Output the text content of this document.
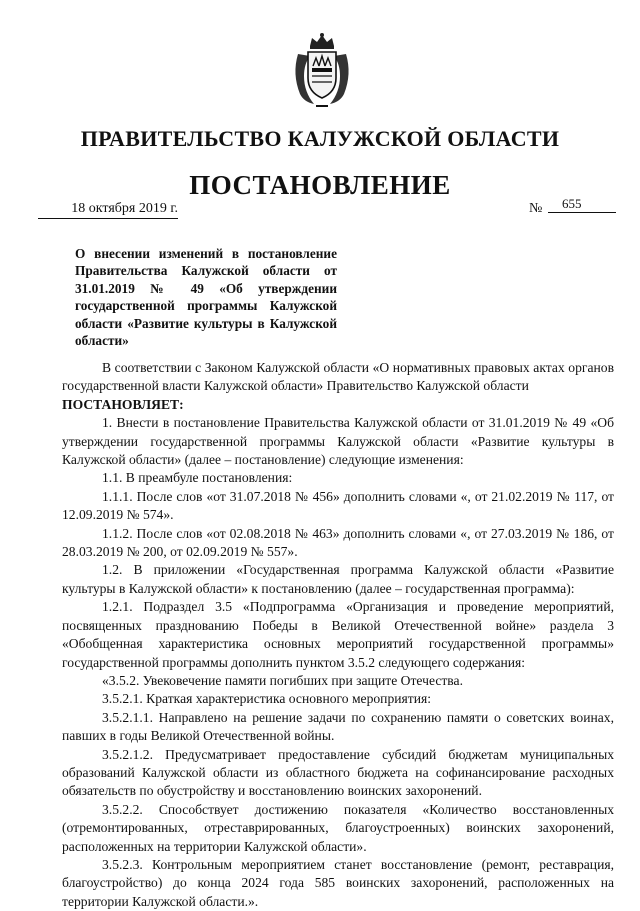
ПРАВИТЕЛЬСТВО КАЛУЖСКОЙ ОБЛАСТИ
ПОСТАНОВЛЕНИЕ
18 октября 2019 г.	№	655
О внесении изменений в постановление Правительства Калужской области от 31.01.2019 № 49 «Об утверждении государственной программы Калужской области «Развитие культуры в Калужской области»

В соответствии с Законом Калужской области «О нормативных правовых актах органов государственной власти Калужской области» Правительство Калужской области

ПОСТАНОВЛЯЕТ:

1. Внести в постановление Правительства Калужской области от 31.01.2019 № 49 «Об утверждении государственной программы Калужской области «Развитие культуры в Калужской области» (далее – постановление) следующие изменения:

1.1. В преамбуле постановления:

1.1.1. После слов «от 31.07.2018 № 456» дополнить словами «, от 21.02.2019 № 117, от 12.09.2019 № 574».

1.1.2. После слов «от 02.08.2018 № 463» дополнить словами «, от 27.03.2019 № 186, от 28.03.2019 № 200, от 02.09.2019 № 557».

1.2. В приложении «Государственная программа Калужской области «Развитие культуры в Калужской области» к постановлению (далее – государственная программа):

1.2.1. Подраздел 3.5 «Подпрограмма «Организация и проведение мероприятий, посвященных празднованию Победы в Великой Отечественной войне» раздела 3 «Обобщенная характеристика основных мероприятий государственной программы» государственной программы дополнить пунктом 3.5.2 следующего содержания:

«3.5.2. Увековечение памяти погибших при защите Отечества.

3.5.2.1. Краткая характеристика основного мероприятия:

3.5.2.1.1. Направлено на решение задачи по сохранению памяти о советских воинах, павших в годы Великой Отечественной войны.

3.5.2.1.2. Предусматривает предоставление субсидий бюджетам муниципальных образований Калужской области из областного бюджета на софинансирование расходных обязательств по обустройству и восстановлению воинских захоронений.

3.5.2.2. Способствует достижению показателя «Количество восстановленных (отремонтированных, отреставрированных, благоустроенных) воинских захоронений, расположенных на территории Калужской области».

3.5.2.3. Контрольным мероприятием станет восстановление (ремонт, реставрация, благоустройство) до конца 2024 года 585 воинских захоронений, расположенных на территории Калужской области.».
